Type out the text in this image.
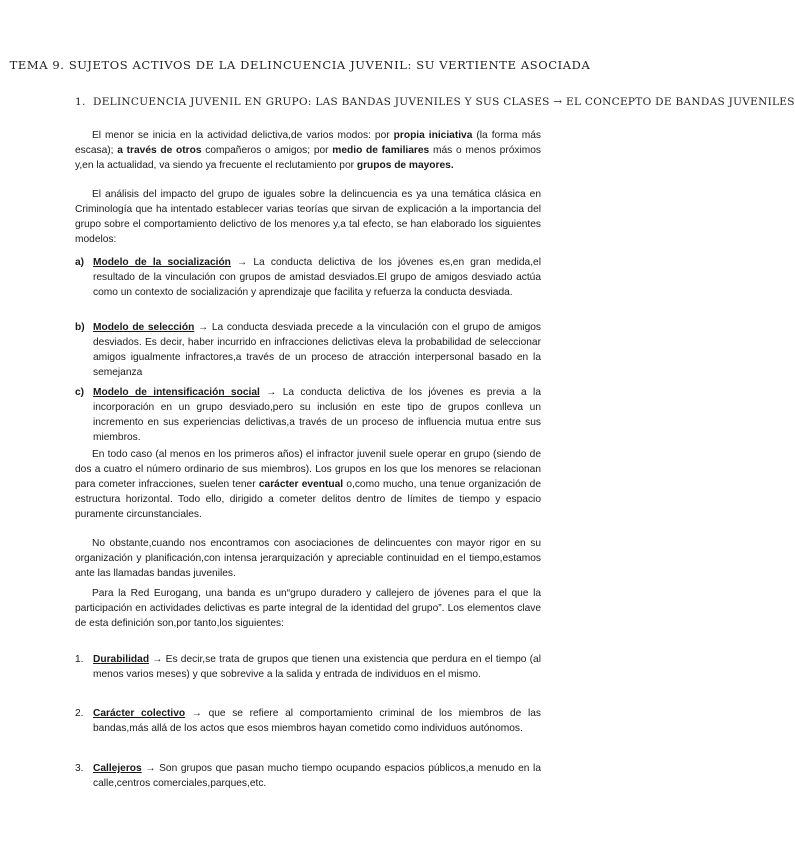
TEMA 9. SUJETOS ACTIVOS DE LA DELINCUENCIA JUVENIL: SU VERTIENTE ASOCIADA
1. DELINCUENCIA JUVENIL EN GRUPO: LAS BANDAS JUVENILES Y SUS CLASES → EL CONCEPTO DE BANDAS JUVENILES
El menor se inicia en la actividad delictiva,de varios modos: por propia iniciativa (la forma más escasa); a través de otros compañeros o amigos; por medio de familiares más o menos próximos y,en la actualidad, va siendo ya frecuente el reclutamiento por grupos de mayores.
El análisis del impacto del grupo de iguales sobre la delincuencia es ya una temática clásica en Criminología que ha intentado establecer varias teorías que sirvan de explicación a la importancia del grupo sobre el comportamiento delictivo de los menores y,a tal efecto, se han elaborado los siguientes modelos:
a) Modelo de la socialización → La conducta delictiva de los jóvenes es,en gran medida,el resultado de la vinculación con grupos de amistad desviados.El grupo de amigos desviado actúa como un contexto de socialización y aprendizaje que facilita y refuerza la conducta desviada.
b) Modelo de selección → La conducta desviada precede a la vinculación con el grupo de amigos desviados. Es decir, haber incurrido en infracciones delictivas eleva la probabilidad de seleccionar amigos igualmente infractores,a través de un proceso de atracción interpersonal basado en la semejanza
c) Modelo de intensificación social → La conducta delictiva de los jóvenes es previa a la incorporación en un grupo desviado,pero su inclusión en este tipo de grupos conlleva un incremento en sus experiencias delictivas,a través de un proceso de influencia mutua entre sus miembros.
En todo caso (al menos en los primeros años) el infractor juvenil suele operar en grupo (siendo de dos a cuatro el número ordinario de sus miembros). Los grupos en los que los menores se relacionan para cometer infracciones, suelen tener carácter eventual o,como mucho, una tenue organización de estructura horizontal. Todo ello, dirigido a cometer delitos dentro de límites de tiempo y espacio puramente circunstanciales.
No obstante,cuando nos encontramos con asociaciones de delincuentes con mayor rigor en su organización y planificación,con intensa jerarquización y apreciable continuidad en el tiempo,estamos ante las llamadas bandas juveniles.
Para la Red Eurogang, una banda es un“grupo duradero y callejero de jóvenes para el que la participación en actividades delictivas es parte integral de la identidad del grupo”. Los elementos clave de esta definición son,por tanto,los siguientes:
1. Durabilidad → Es decir,se trata de grupos que tienen una existencia que perdura en el tiempo (al menos varios meses) y que sobrevive a la salida y entrada de individuos en el mismo.
2. Carácter colectivo → que se refiere al comportamiento criminal de los miembros de las bandas,más allá de los actos que esos miembros hayan cometido como individuos autónomos.
3. Callejeros → Son grupos que pasan mucho tiempo ocupando espacios públicos,a menudo en la calle,centros comerciales,parques,etc.
